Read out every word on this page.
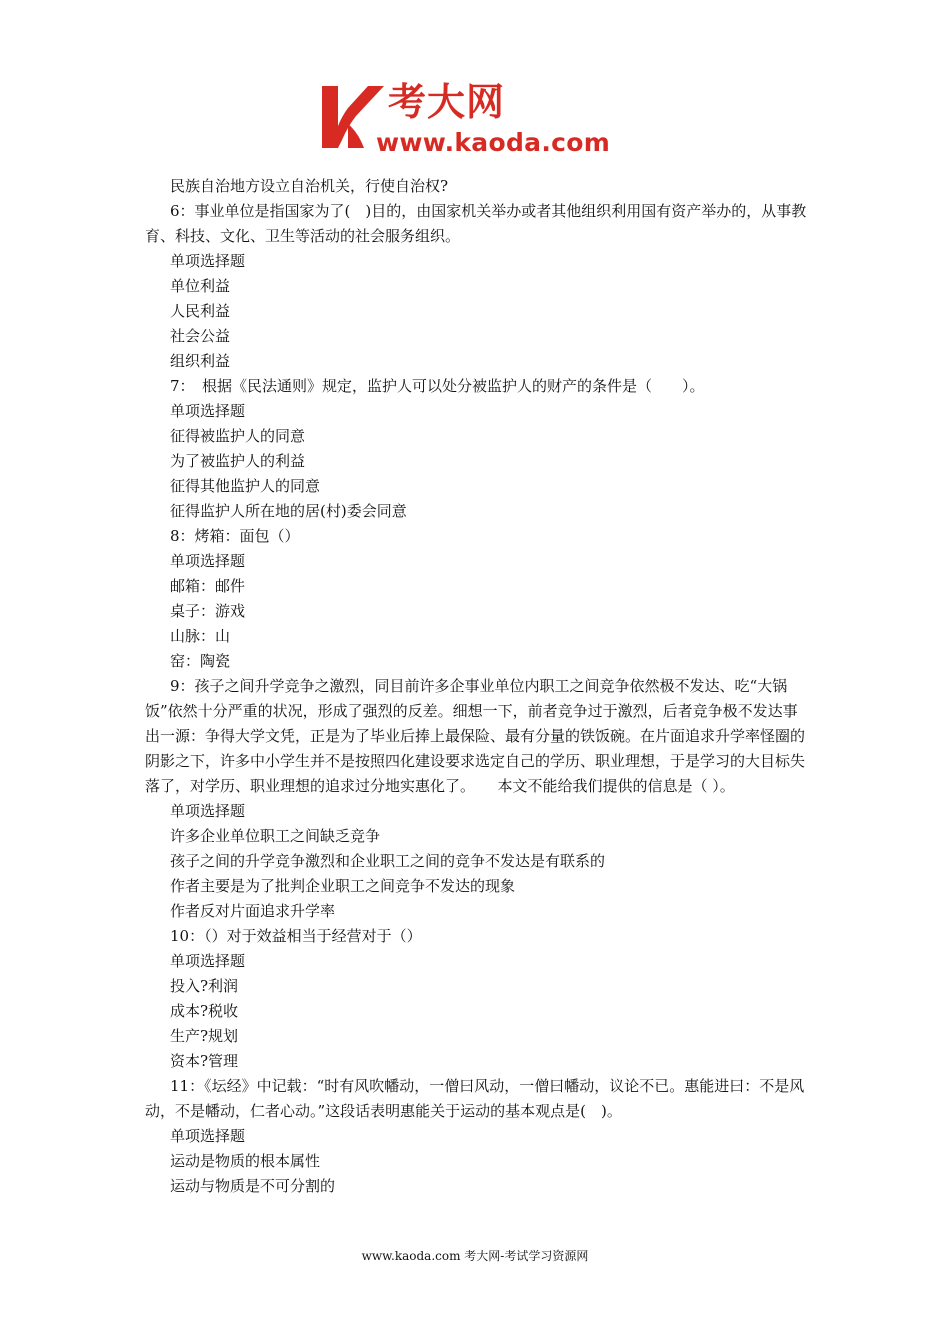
考大网
www.kaoda.com

民族自治地方设立自治机关，行使自治权?

6：事业单位是指国家为了(　)目的，由国家机关举办或者其他组织利用国有资产举办的，从事教育、科技、文化、卫生等活动的社会服务组织。

单项选择题

单位利益

人民利益

社会公益

组织利益

7：　根据《民法通则》规定，监护人可以处分被监护人的财产的条件是（　　）。

单项选择题

征得被监护人的同意

为了被监护人的利益

征得其他监护人的同意

征得监护人所在地的居(村)委会同意

8：烤箱：面包（）

单项选择题

邮箱：邮件

桌子：游戏

山脉：山

窑：陶瓷

9：孩子之间升学竞争之激烈，同目前许多企事业单位内职工之间竞争依然极不发达、吃“大锅饭”依然十分严重的状况，形成了强烈的反差。细想一下，前者竞争过于激烈，后者竞争极不发达事出一源：争得大学文凭，正是为了毕业后捧上最保险、最有分量的铁饭碗。在片面追求升学率怪圈的阴影之下，许多中小学生并不是按照四化建设要求选定自己的学历、职业理想，于是学习的大目标失落了，对学历、职业理想的追求过分地实惠化了。　　本文不能给我们提供的信息是（ ）。

单项选择题

许多企业单位职工之间缺乏竞争

孩子之间的升学竞争激烈和企业职工之间的竞争不发达是有联系的

作者主要是为了批判企业职工之间竞争不发达的现象

作者反对片面追求升学率

10：（）对于效益相当于经营对于（）

单项选择题

投入?利润

成本?税收

生产?规划

资本?管理

11：《坛经》中记载：“时有风吹幡动，一僧曰风动，一僧曰幡动，议论不已。惠能进曰：不是风动，不是幡动，仁者心动。”这段话表明惠能关于运动的基本观点是(　)。

单项选择题

运动是物质的根本属性

运动与物质是不可分割的

www.kaoda.com 考大网-考试学习资源网
